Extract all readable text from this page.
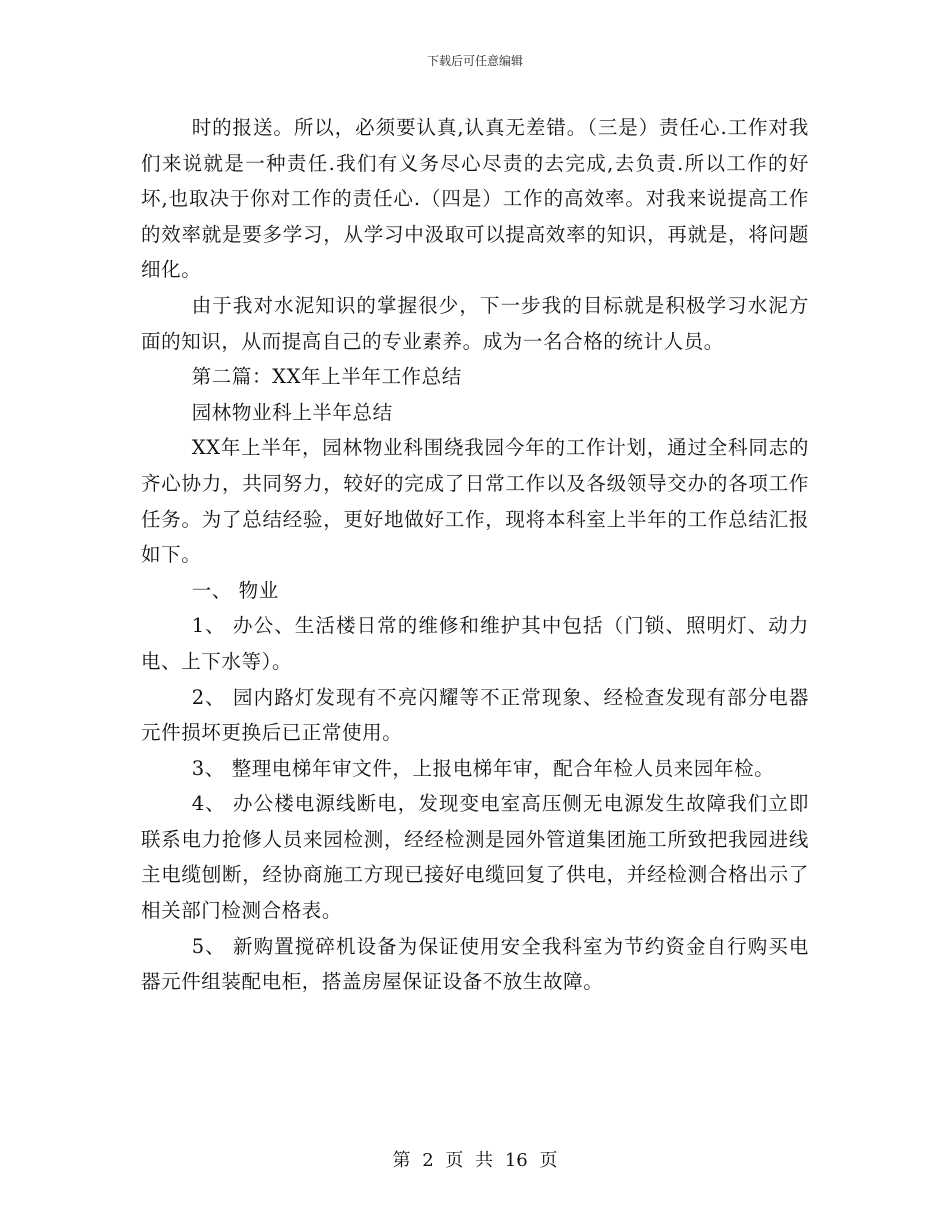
下载后可任意编辑

时的报送。所以，必须要认真,认真无差错。（三是）责任心.工作对我们来说就是一种责任.我们有义务尽心尽责的去完成,去负责.所以工作的好坏,也取决于你对工作的责任心.（四是）工作的高效率。对我来说提高工作的效率就是要多学习，从学习中汲取可以提高效率的知识，再就是，将问题细化。

由于我对水泥知识的掌握很少，下一步我的目标就是积极学习水泥方面的知识，从而提高自己的专业素养。成为一名合格的统计人员。

第二篇：XX年上半年工作总结

园林物业科上半年总结

XX年上半年，园林物业科围绕我园今年的工作计划，通过全科同志的齐心协力，共同努力，较好的完成了日常工作以及各级领导交办的各项工作任务。为了总结经验，更好地做好工作，现将本科室上半年的工作总结汇报如下。

一、 物业

1、 办公、生活楼日常的维修和维护其中包括（门锁、照明灯、动力电、上下水等）。

2、 园内路灯发现有不亮闪耀等不正常现象、经检查发现有部分电器元件损坏更换后已正常使用。

3、 整理电梯年审文件，上报电梯年审，配合年检人员来园年检。

4、 办公楼电源线断电，发现变电室高压侧无电源发生故障我们立即联系电力抢修人员来园检测，经经检测是园外管道集团施工所致把我园进线主电缆刨断，经协商施工方现已接好电缆回复了供电，并经检测合格出示了相关部门检测合格表。

5、 新购置搅碎机设备为保证使用安全我科室为节约资金自行购买电器元件组装配电柜，搭盖房屋保证设备不放生故障。

第 2 页 共 16 页
